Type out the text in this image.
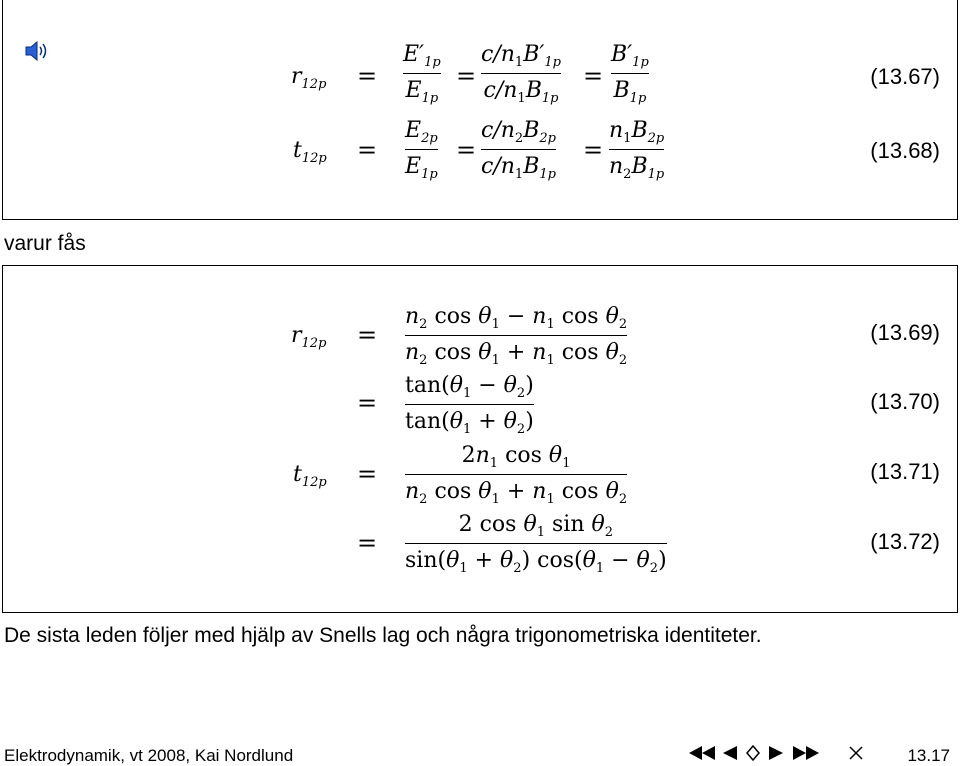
$r_{12p} = \frac{E'_{1p}}{E_{1p}} = \frac{c/n_1B'_{1p}}{c/n_1B_{1p}} = \frac{B'_{1p}}{B_{1p}}$	(13.67)
$t_{12p} = \frac{E_{2p}}{E_{1p}} = \frac{c/n_2B_{2p}}{c/n_1B_{1p}} = \frac{n_1B_{2p}}{n_2B_{1p}}$	(13.68)
varur fås
$r_{12p} = \frac{n_2 \cos \theta_1 - n_1 \cos \theta_2}{n_2 \cos \theta_1 + n_1 \cos \theta_2}$	(13.69)
= $\frac{\tan(\theta_1 - \theta_2)}{\tan(\theta_1 + \theta_2)}$	(13.70)
$t_{12p} = \frac{2n_1 \cos \theta_1}{n_2 \cos \theta_1 + n_1 \cos \theta_2}$	(13.71)
= $\frac{2 \cos \theta_1 \sin \theta_2}{\sin(\theta_1 + \theta_2) \cos(\theta_1 - \theta_2)}$	(13.72)
De sista leden följer med hjälp av Snells lag och några trigonometriska identiteter.
Elektrodynamik, vt 2008, Kai Nordlund	13.17
